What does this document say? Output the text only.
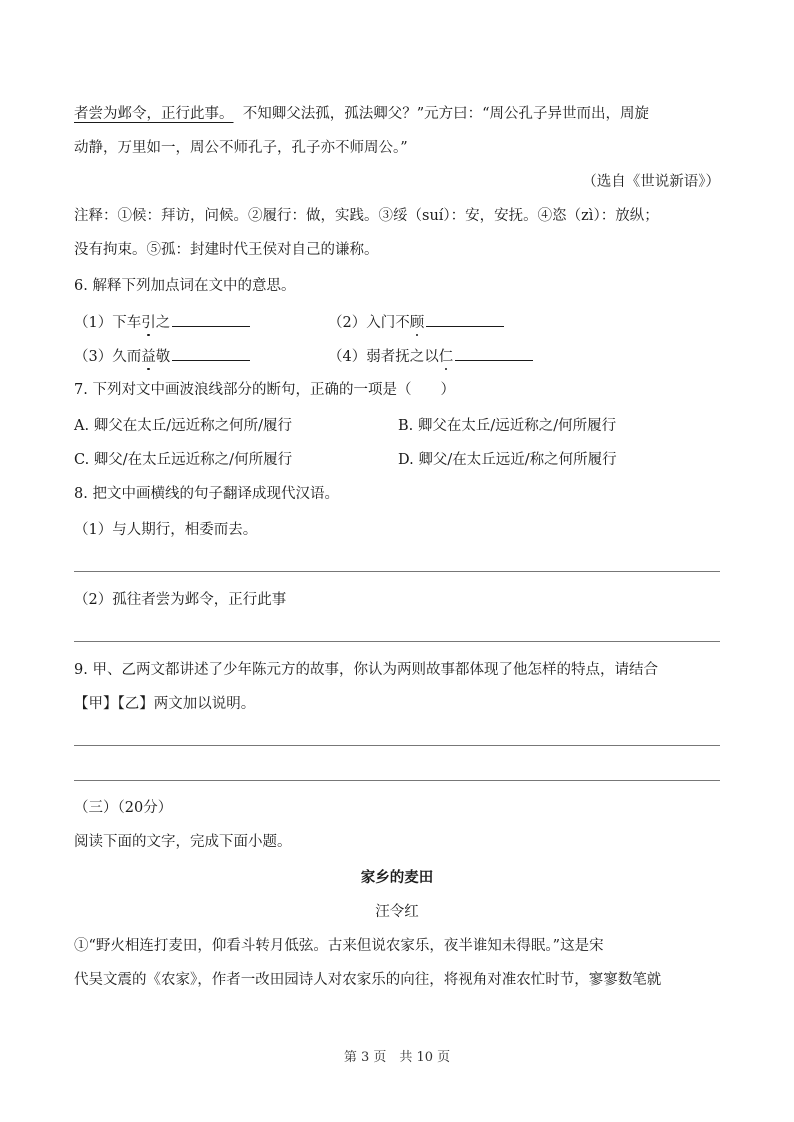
者尝为邺令，正行此事。 不知卿父法孤，孤法卿父？”元方曰：“周公孔子异世而出，周旋
动静，万里如一，周公不师孔子，孔子亦不师周公。”
（选自《世说新语》）
注释：①候：拜访，问候。②履行：做，实践。③绥（suí）：安，安抚。④恣（zì）：放纵；
没有拘束。⑤孤：封建时代王侯对自己的谦称。
6. 解释下列加点词在文中的意思。
（1）下车引之	（2）入门不顾
（3）久而益敬	（4）弱者抚之以仁
7. 下列对文中画波浪线部分的断句，正确的一项是（　　）
A. 卿父在太丘/远近称之何所/履行	B. 卿父在太丘/远近称之/何所履行
C. 卿父/在太丘远近称之/何所履行	D. 卿父/在太丘远近/称之何所履行
8. 把文中画横线的句子翻译成现代汉语。
（1）与人期行，相委而去。
（2）孤往者尝为邺令，正行此事
9. 甲、乙两文都讲述了少年陈元方的故事，你认为两则故事都体现了他怎样的特点，请结合
【甲】【乙】两文加以说明。
（三）（20分）
阅读下面的文字，完成下面小题。
家乡的麦田
汪令红
①“野火相连打麦田，仰看斗转月低弦。古来但说农家乐，夜半谁知未得眠。”这是宋
代吴文震的《农家》，作者一改田园诗人对农家乐的向往，将视角对准农忙时节，寥寥数笔就
第 3 页　共 10 页
